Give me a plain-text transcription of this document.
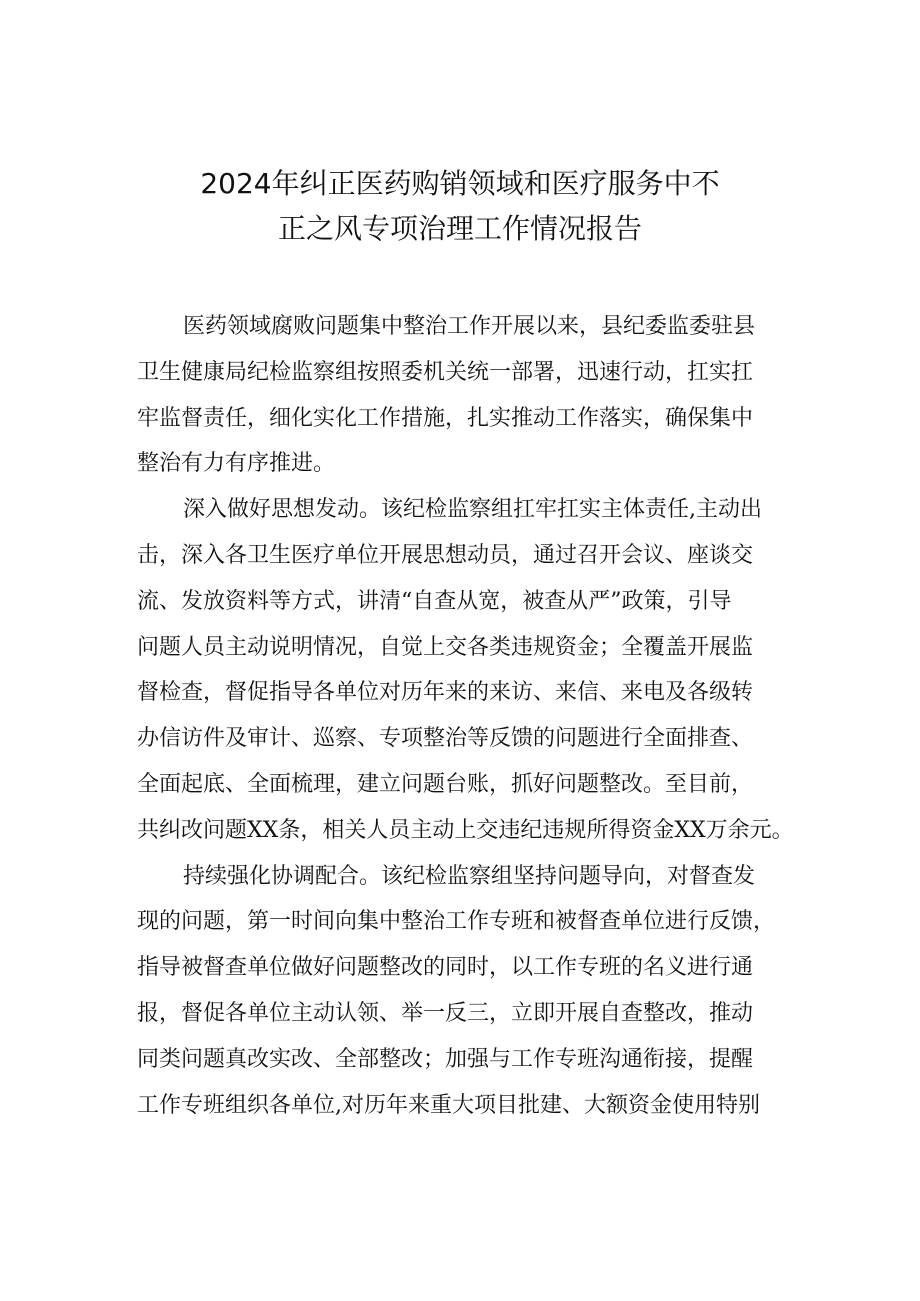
2024年纠正医药购销领域和医疗服务中不
正之风专项治理工作情况报告
医药领域腐败问题集中整治工作开展以来，县纪委监委驻县
卫生健康局纪检监察组按照委机关统一部署，迅速行动，扛实扛
牢监督责任，细化实化工作措施，扎实推动工作落实，确保集中
整治有力有序推进。
深入做好思想发动。该纪检监察组扛牢扛实主体责任,主动出
击，深入各卫生医疗单位开展思想动员，通过召开会议、座谈交
流、发放资料等方式，讲清“自查从宽，被查从严”政策，引导
问题人员主动说明情况，自觉上交各类违规资金；全覆盖开展监
督检查，督促指导各单位对历年来的来访、来信、来电及各级转
办信访件及审计、巡察、专项整治等反馈的问题进行全面排查、
全面起底、全面梳理，建立问题台账，抓好问题整改。至目前，
共纠改问题XX条，相关人员主动上交违纪违规所得资金XX万余元。
持续强化协调配合。该纪检监察组坚持问题导向，对督查发
现的问题，第一时间向集中整治工作专班和被督查单位进行反馈，
指导被督查单位做好问题整改的同时，以工作专班的名义进行通
报，督促各单位主动认领、举一反三，立即开展自查整改，推动
同类问题真改实改、全部整改；加强与工作专班沟通衔接，提醒
工作专班组织各单位,对历年来重大项目批建、大额资金使用特别
